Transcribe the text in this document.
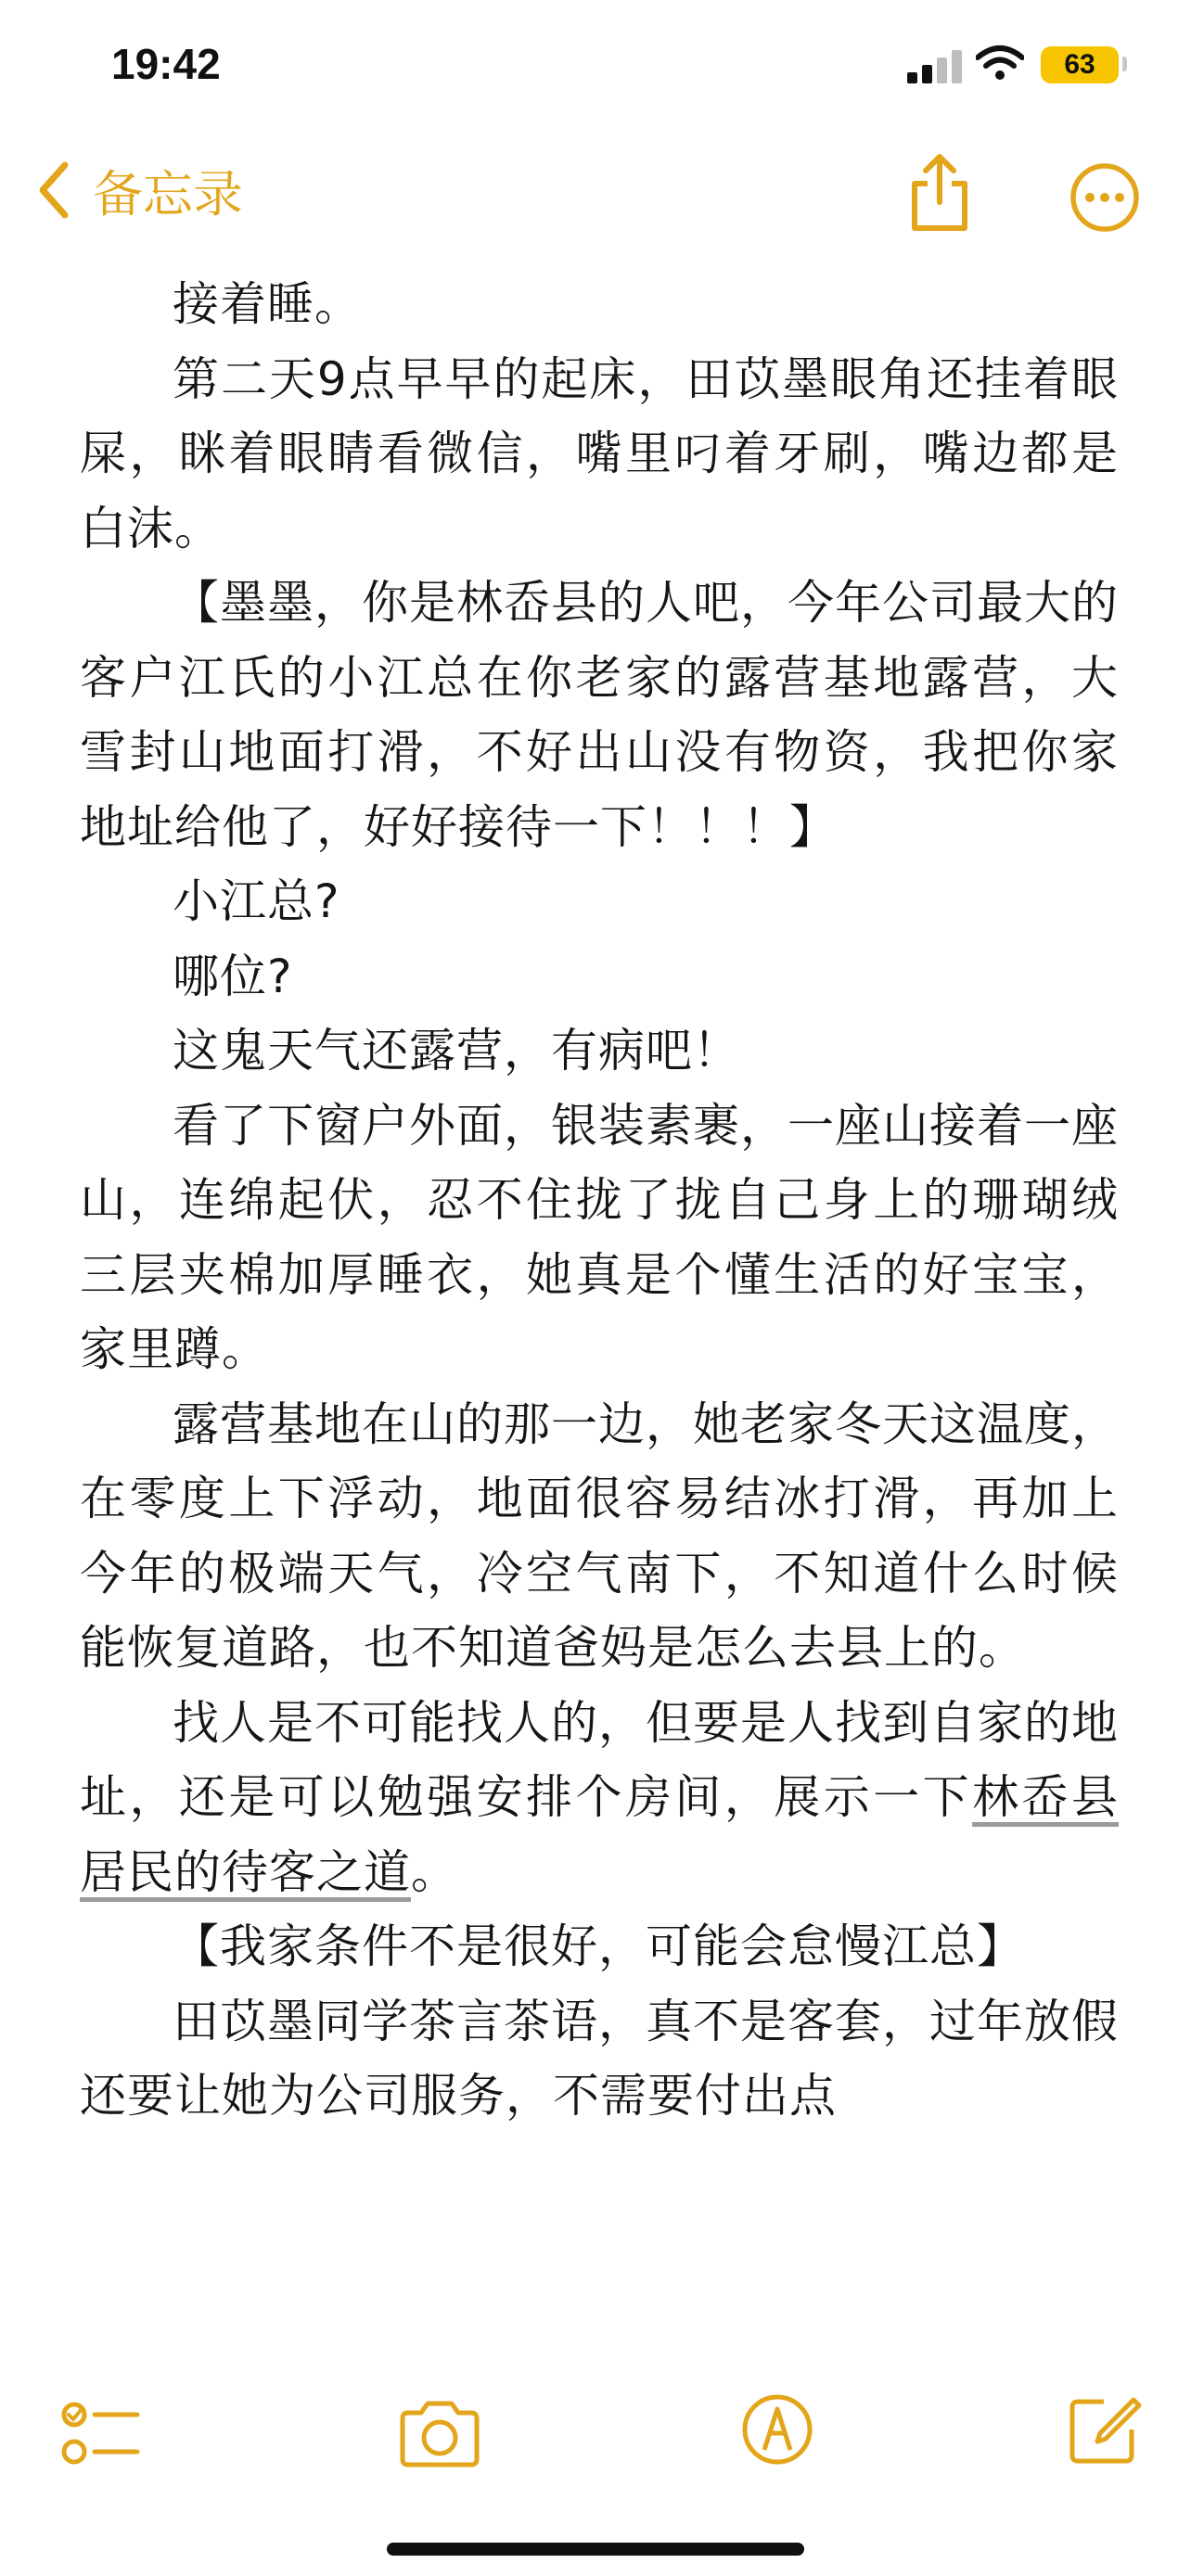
19:42	63
备忘录

接着睡。

第二天9点早早的起床，田苡墨眼角还挂着眼屎，眯着眼睛看微信，嘴里叼着牙刷，嘴边都是白沫。

【墨墨，你是林岙县的人吧，今年公司最大的客户江氏的小江总在你老家的露营基地露营，大雪封山地面打滑，不好出山没有物资，我把你家地址给他了，好好接待一下！！！】

小江总?

哪位?

这鬼天气还露营，有病吧！

看了下窗户外面，银装素裹，一座山接着一座山，连绵起伏，忍不住拢了拢自己身上的珊瑚绒三层夹棉加厚睡衣，她真是个懂生活的好宝宝，家里蹲。

露营基地在山的那一边，她老家冬天这温度，在零度上下浮动，地面很容易结冰打滑，再加上今年的极端天气，冷空气南下，不知道什么时候能恢复道路，也不知道爸妈是怎么去县上的。

找人是不可能找人的，但要是人找到自家的地址，还是可以勉强安排个房间，展示一下林岙县居民的待客之道。

【我家条件不是很好，可能会怠慢江总】

田苡墨同学茶言茶语，真不是客套，过年放假还要让她为公司服务，不需要付出点
